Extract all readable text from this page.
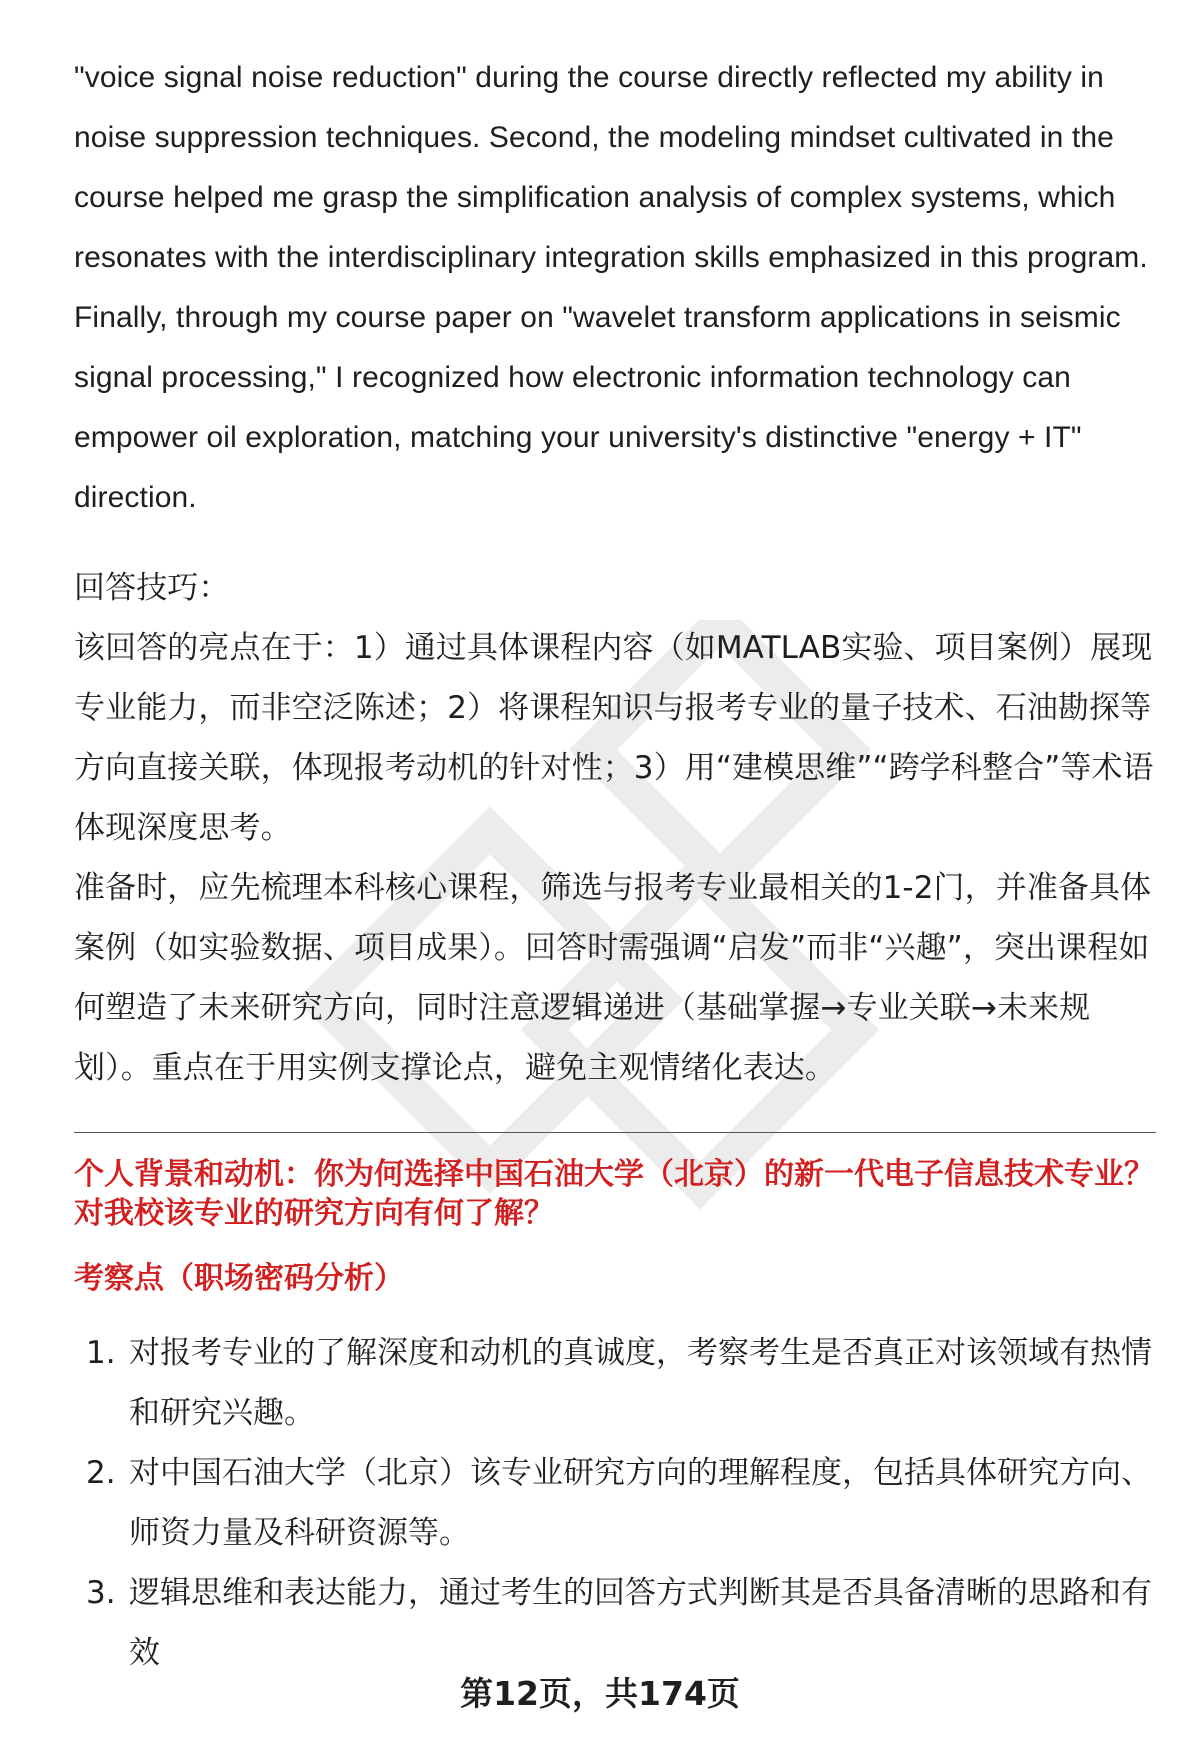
"voice signal noise reduction" during the course directly reflected my ability in noise suppression techniques. Second, the modeling mindset cultivated in the course helped me grasp the simplification analysis of complex systems, which resonates with the interdisciplinary integration skills emphasized in this program. Finally, through my course paper on "wavelet transform applications in seismic signal processing," I recognized how electronic information technology can empower oil exploration, matching your university's distinctive "energy + IT" direction.

回答技巧：

该回答的亮点在于：1）通过具体课程内容（如MATLAB实验、项目案例）展现专业能力，而非空泛陈述；2）将课程知识与报考专业的量子技术、石油勘探等方向直接关联，体现报考动机的针对性；3）用“建模思维”“跨学科整合”等术语体现深度思考。

准备时，应先梳理本科核心课程，筛选与报考专业最相关的1-2门，并准备具体案例（如实验数据、项目成果）。回答时需强调“启发”而非“兴趣”，突出课程如何塑造了未来研究方向，同时注意逻辑递进（基础掌握→专业关联→未来规划）。重点在于用实例支撑论点，避免主观情绪化表达。

个人背景和动机：你为何选择中国石油大学（北京）的新一代电子信息技术专业？对我校该专业的研究方向有何了解？

考察点（职场密码分析）
1. 对报考专业的了解深度和动机的真诚度，考察考生是否真正对该领域有热情和研究兴趣。
2. 对中国石油大学（北京）该专业研究方向的理解程度，包括具体研究方向、师资力量及科研资源等。
3. 逻辑思维和表达能力，通过考生的回答方式判断其是否具备清晰的思路和有效
第12页，共174页
